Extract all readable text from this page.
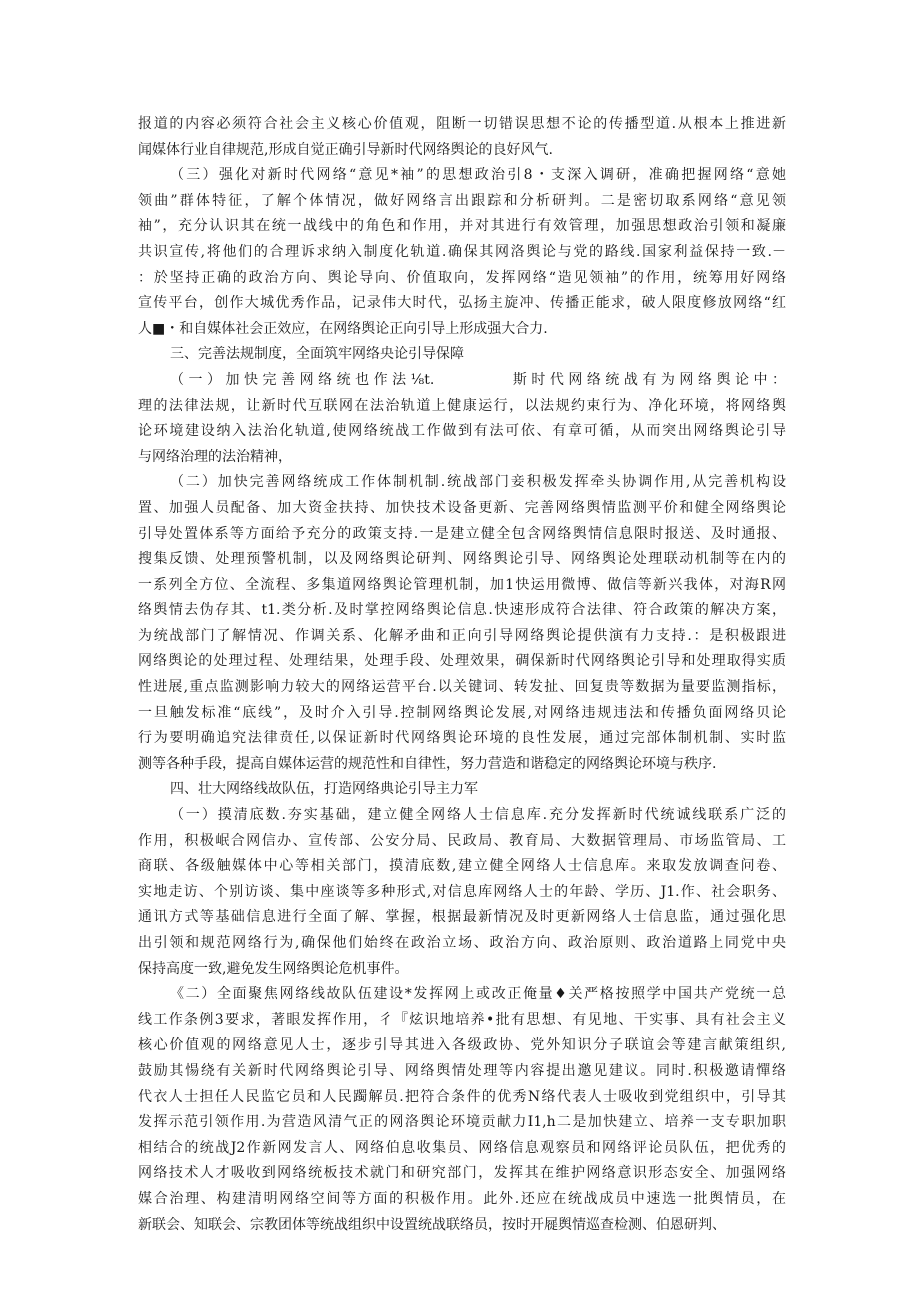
报道的内容必须符合社会主义核心价值观，阻断一切错误思想不论的传播型道.从根本上推进新
闻媒体行业自律规范,形成自觉正确引导新时代网络舆论的良好风气.
（三）强化对新时代网络“意见*袖”的思想政治引8・支深入调研，准确把握网络“意她
领曲”群体特征，了解个体情况，做好网络言出跟踪和分析研判。二是密切取系网络“意见领
袖”，充分认识其在统一战线中的角色和作用，并对其进行有效管理，加强思想政治引领和凝廉
共识宣传,将他们的合理诉求纳入制度化轨道.确保其网洛舆论与党的路线.国家利益保持一致.－
：於坚持正确的政治方向、舆论导向、价值取向，发挥网络“造见领袖”的作用，统筹用好网络
宣传平台，创作大城优秀作品，记录伟大时代，弘扬主旋冲、传播正能求，破人限度修放网络“红
人■・和自媒体社会正效应，在网络舆论正向引导上形成强大合力.
三、完善法规制度，全面筑牢网络央论引导保障
（一）加快完善网络统也作法⅛t.　　　　斯时代网络统战有为网络舆论中：
理的法律法规，让新时代互联网在法治轨道上健康运行，以法规约束行为、净化环境，将网络舆
论环境建设纳入法治化轨道,使网络统战工作做到有法可依、有章可循，从而突出网络舆论引导
与网络治理的法治精神，
（二）加快完善网络统成工作体制机制.统战部门妾积极发挥牵头协调作用,从完善机构设
置、加强人员配备、加大资金扶持、加快技术设备更新、完善网络舆情监测平价和健全网络舆论
引导处置体系等方面给予充分的政策支持.一是建立健全包含网络舆情信息限时报送、及时通报、
搜集反馈、处理预警机制，以及网络舆论研判、网络舆论引导、网络舆论处理联动机制等在内的
一系列全方位、全流程、多集道网络舆论管理机制，加1快运用微博、做信等新兴我体，对海R网
络舆情去伪存其、t1.类分析.及时掌控网络舆论信息.快速形成符合法律、符合政策的解决方案，
为统战部门了解情况、作调关系、化解矛曲和正向引导网络舆论提供演有力支持.：是积极跟进
网络舆论的处理过程、处理结果，处理手段、处理效果，碉保新时代网络舆论引导和处理取得实质
性进展,重点监测影响力较大的网络运营平台.以关键词、转发扯、回复贵等数据为量要监测指标，
一旦触发标准“底线”，及时介入引导.控制网络舆论发展,对网络违规违法和传播负面网络贝论
行为要明确追究法律贲任,以保证新时代网络舆论环境的良性发展，通过完部体制机制、实时监
测等各种手段，提高自媒体运营的规范性和自律性，努力营造和谐稳定的网络舆论环境与秩序.
四、壮大网络线故队伍，打造网络典论引导主力军
（一）摸清底数.夯实基础，建立健全网络人士信息库.充分发挥新时代统诚线联系广泛的
作用，积极岷合网信办、宣传部、公安分局、民政局、教育局、大数据管理局、市场监管局、工
商联、各级触媒体中心等相关部门，摸清底数,建立健全网络人士信息库。来取发放调查问卷、
实地走访、个别访谈、集中座谈等多种形式,对信息库网络人士的年龄、学历、J1.作、社会职务、
通讯方式等基础信息进行全面了解、掌握，根据最新情况及时更新网络人士信息监，通过强化思
出引领和规范网络行为,确保他们始终在政治立场、政治方向、政治原则、政治道路上同党中央
保持高度一致,避免发生网络舆论危机事件。
《二）全面聚焦网络线故队伍建设*发挥网上或改正俺量♦关严格按照学中国共产党统一总
线工作条例3要求，著眼发挥作用，彳『炫识地培养•批有思想、有见地、干实事、具有社会主义
核心价值观的网络意见人士，逐步引导其进入各级政协、党外知识分子联谊会等建言献策组织,
鼓励其愓绕有关新时代网络舆论引导、网络舆情处理等内容提出邀见建议。同时.积极邀请憚络
代衣人士担任人民监它员和人民躅解员.把符合条件的优秀N络代表人士吸收到党组织中，引导其
发挥示范引领作用.为营造风清气正的网洛舆论环境贡献力I1,h二是加快建立、培养一支专职加职
相结合的统战J2作新网发言人、网络伯息收集员、网络信息观察员和网络评论员队伍，把优秀的
网络技术人才吸收到网络统板技术就门和研究部门，发挥其在维护网络意识形态安全、加强网络
媒合治理、构建清明网络空间等方面的积极作用。此外.还应在统战成员中速选一批舆情员，在
新联会、知联会、宗教团体等统战组织中设置统战联络员，按时开屣舆情巡查检测、伯恩研判、
